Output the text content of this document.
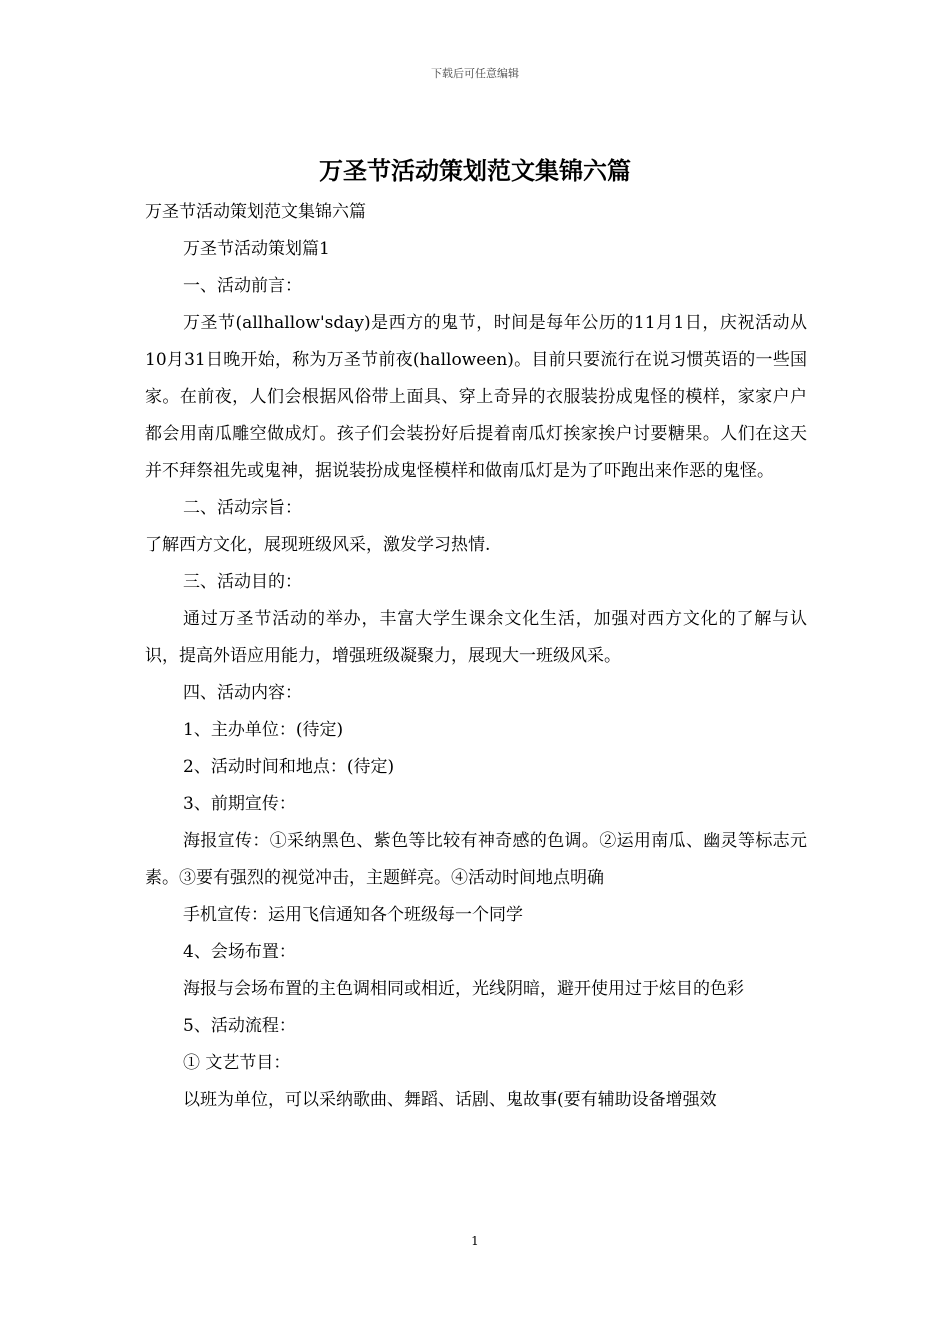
下载后可任意编辑
万圣节活动策划范文集锦六篇

万圣节活动策划范文集锦六篇

万圣节活动策划篇1

一、活动前言：

万圣节(allhallow'sday)是西方的鬼节，时间是每年公历的11月1日，庆祝活动从10月31日晚开始，称为万圣节前夜(halloween)。目前只要流行在说习惯英语的一些国家。在前夜，人们会根据风俗带上面具、穿上奇异的衣服装扮成鬼怪的模样，家家户户都会用南瓜雕空做成灯。孩子们会装扮好后提着南瓜灯挨家挨户讨要糖果。人们在这天并不拜祭祖先或鬼神，据说装扮成鬼怪模样和做南瓜灯是为了吓跑出来作恶的鬼怪。

二、活动宗旨：

了解西方文化，展现班级风采，激发学习热情.

三、活动目的：

通过万圣节活动的举办，丰富大学生课余文化生活，加强对西方文化的了解与认识，提高外语应用能力，增强班级凝聚力，展现大一班级风采。

四、活动内容：

1、主办单位：(待定)

2、活动时间和地点：(待定)

3、前期宣传：

海报宣传：①采纳黑色、紫色等比较有神奇感的色调。②运用南瓜、幽灵等标志元素。③要有强烈的视觉冲击，主题鲜亮。④活动时间地点明确

手机宣传：运用飞信通知各个班级每一个同学

4、会场布置：

海报与会场布置的主色调相同或相近，光线阴暗，避开使用过于炫目的色彩

5、活动流程：

① 文艺节目：

以班为单位，可以采纳歌曲、舞蹈、话剧、鬼故事(要有辅助设备增强效

1
